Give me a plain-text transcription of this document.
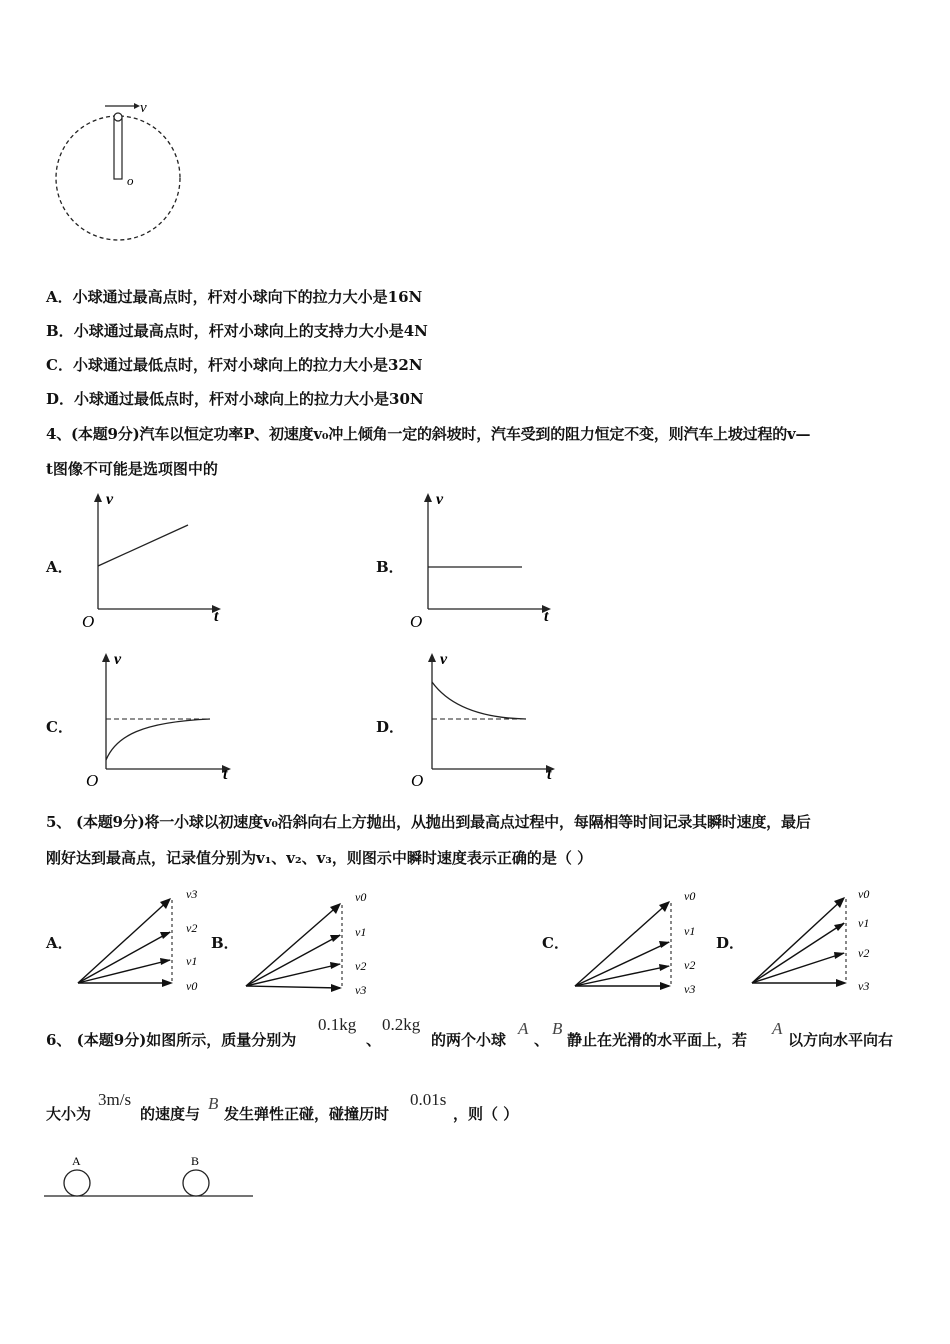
v
o
A．小球通过最高点时，杆对小球向下的拉力大小是16N
B．小球通过最高点时，杆对小球向上的支持力大小是4N
C．小球通过最低点时，杆对小球向上的拉力大小是32N
D．小球通过最低点时，杆对小球向上的拉力大小是30N
4、(本题9分)汽车以恒定功率P、初速度v₀冲上倾角一定的斜坡时，汽车受到的阻力恒定不变，则汽车上坡过程的v—
t图像不可能是选项图中的
A．	B．
C．	D．
v
t
O
v
t
O
v
t
O
v
t
O
5、 (本题9分)将一小球以初速度v₀沿斜向右上方抛出，从抛出到最高点过程中，每隔相等时间记录其瞬时速度，最后
刚好达到最高点，记录值分别为v₁、v₂、v₃，则图示中瞬时速度表示正确的是（ ）
A．	B．	C．	D．
v3
v2
v1
v0
v0
v1
v2
v3
v0
v1
v2
v3
v0
v1
v2
v3
6、 (本题9分)如图所示，质量分别为
0.1kg
、
0.2kg
的两个小球
A
、
B
静止在光滑的水平面上，若
A
以方向水平向右
大小为
3m/s
的速度与
B
发生弹性正碰，碰撞历时
0.01s
，则（ ）
A	B
